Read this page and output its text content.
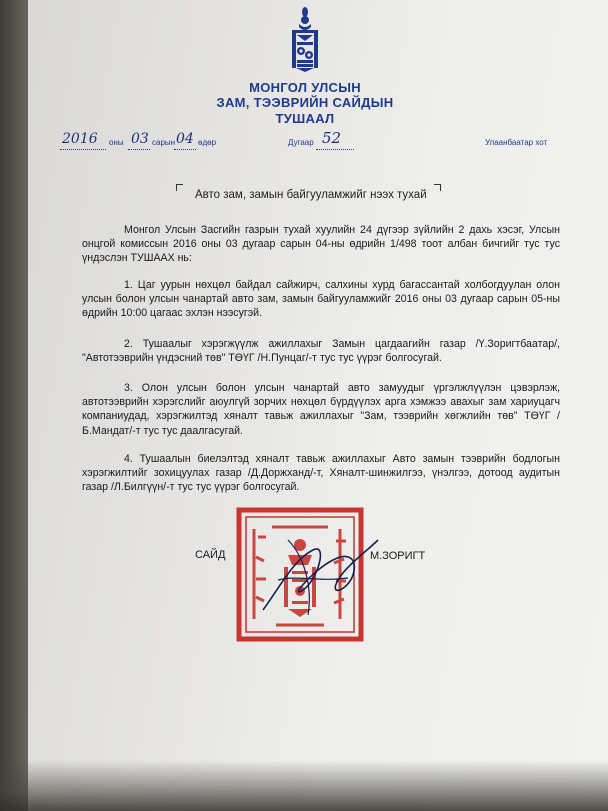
МОНГОЛ УЛСЫН
ЗАМ, ТЭЭВРИЙН САЙДЫН
ТУШААЛ
2016 оны 03 сарын 04 өдөр	Дугаар 52	Улаанбаатар хот
Авто зам, замын байгууламжийг нээх тухай
Монгол Улсын Засгийн газрын тухай хуулийн 24 дүгээр зүйлийн 2 дахь хэсэг, Улсын онцгой комиссын 2016 оны 03 дугаар сарын 04-ны өдрийн 1/498 тоот албан бичгийг тус тус үндэслэн ТУШААХ нь:
1. Цаг уурын нөхцөл байдал сайжирч, салхины хурд багассантай холбогдуулан олон улсын болон улсын чанартай авто зам, замын байгууламжийг 2016 оны 03 дугаар сарын 05-ны өдрийн 10:00 цагаас эхлэн нээсугэй.
2. Тушаалыг хэрэгжүүлж ажиллахыг Замын цагдаагийн газар /Ү.Зоригтбаатар/, "Автотээврийн үндэсний төв" ТӨҮГ /Н.Пунцаг/-т тус тус үүрэг болгосугай.
3. Олон улсын болон улсын чанартай авто замуудыг үргэлжлүүлэн цэвэрлэж, автотээврийн хэрэгслийг аюулгүй зорчих нөхцөл бүрдүүлэх арга хэмжээ авахыг зам хариуцагч компаниудад, хэрэгжилтэд хяналт тавьж ажиллахыг "Зам, тээврийн хөгжлийн төв" ТӨҮГ /Б.Мандат/-т тус тус даалгасугай.
4. Тушаалын биелэлтэд хяналт тавьж ажиллахыг Авто замын тээврийн бодлогын хэрэгжилтийг зохицуулах газар /Д.Доржханд/-т, Хяналт-шинжилгээ, үнэлгээ, дотоод аудитын газар /Л.Билгүүн/-т тус тус үүрэг болгосугай.
САЙД	М.ЗОРИГТ
